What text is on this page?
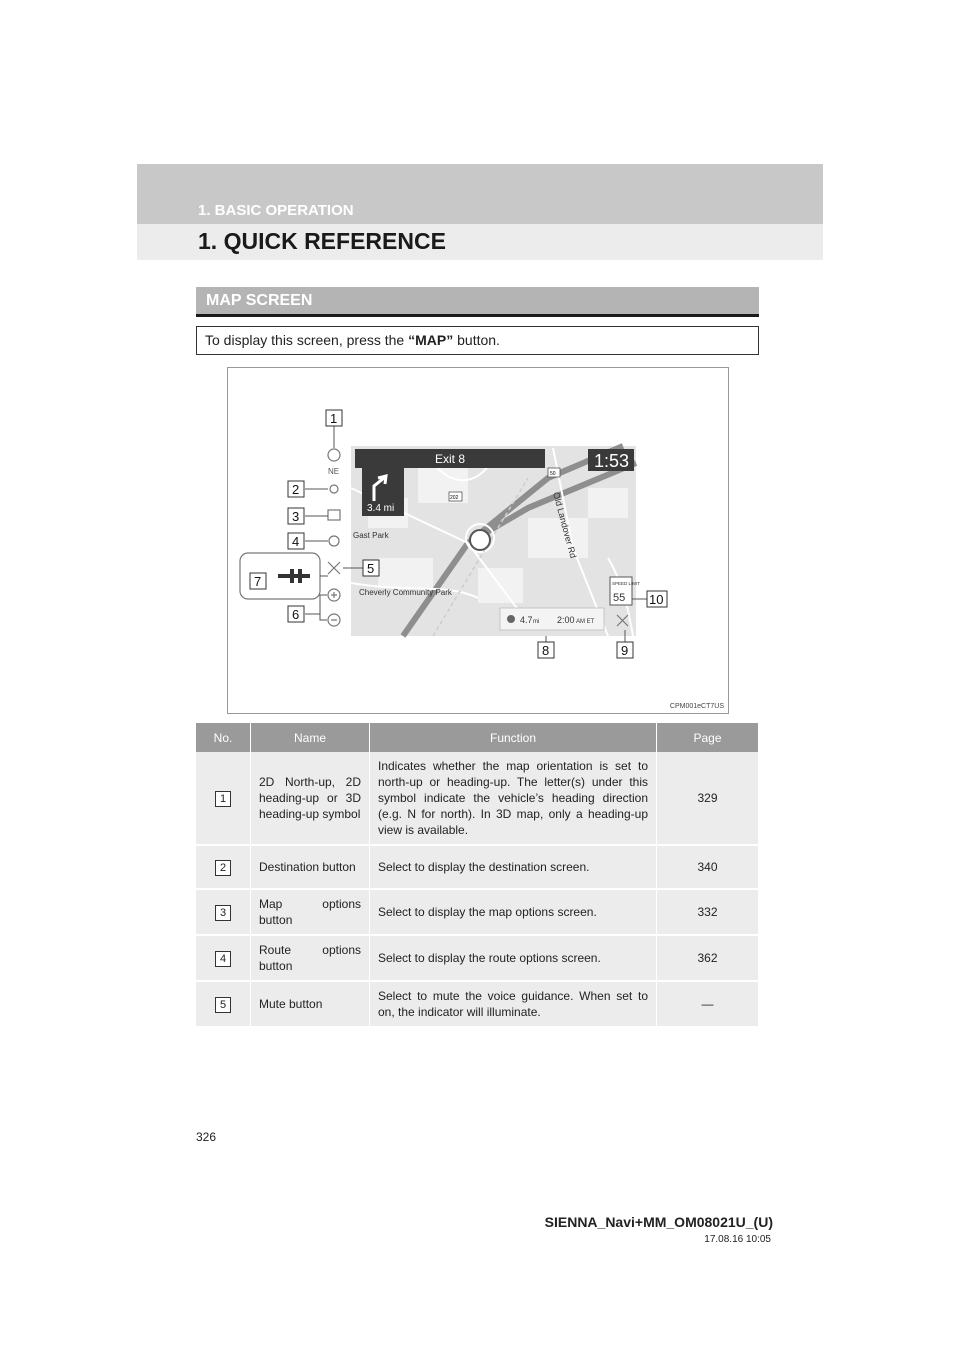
1. BASIC OPERATION
1. QUICK REFERENCE
MAP SCREEN
To display this screen, press the “MAP” button.
Exit 8	1:53
3.4 mi
50
202
Gast Park
Cheverly Community Park
Old Landover Rd
NE
4.7 mi 2:00 AM ET
SPEED LIMIT
55
1
2
3
4
5
6
7
8	9
10
CPM001eCT7US
No.	Name	Function	Page
1	2D North-up, 2D heading-up or 3D heading-up symbol	Indicates whether the map orientation is set to north-up or heading-up. The letter(s) under this symbol indicate the vehicle’s heading direction (e.g. N for north). In 3D map, only a heading-up view is available.	329
2	Destination button	Select to display the destination screen.	340
3	Map options button	Select to display the map options screen.	332
4	Route options button	Select to display the route options screen.	362
5	Mute button	Select to mute the voice guidance. When set to on, the indicator will illuminate.	—
326
SIENNA_Navi+MM_OM08021U_(U)
17.08.16 10:05
